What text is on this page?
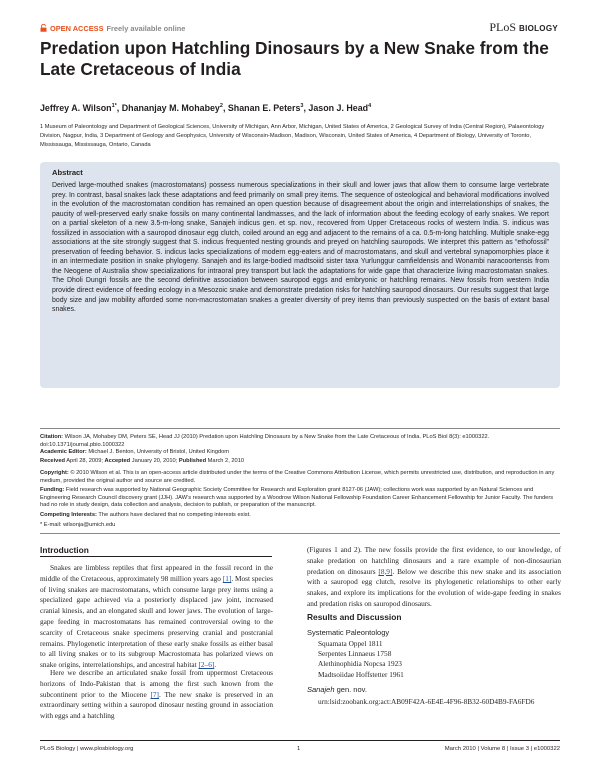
OPEN ACCESS Freely available online	PLoS BIOLOGY
Predation upon Hatchling Dinosaurs by a New Snake from the Late Cretaceous of India
Jeffrey A. Wilson$^{1*}$, Dhananjay M. Mohabey$^2$, Shanan E. Peters$^3$, Jason J. Head$^4$
1 Museum of Paleontology and Department of Geological Sciences, University of Michigan, Ann Arbor, Michigan, United States of America, 2 Geological Survey of India (Central Region), Palaeontology Division, Nagpur, India, 3 Department of Geology and Geophysics, University of Wisconsin-Madison, Madison, Wisconsin, United States of America, 4 Department of Biology, University of Toronto, Mississauga, Mississauga, Ontario, Canada
Abstract
Derived large-mouthed snakes (macrostomatans) possess numerous specializations in their skull and lower jaws that allow them to consume large vertebrate prey. In contrast, basal snakes lack these adaptations and feed primarily on small prey items. The sequence of osteological and behavioral modifications involved in the evolution of the macrostomatan condition has remained an open question because of disagreement about the origin and interrelationships of snakes, the paucity of well-preserved early snake fossils on many continental landmasses, and the lack of information about the feeding ecology of early snakes. We report on a partial skeleton of a new 3.5-m-long snake, Sanajeh indicus gen. et sp. nov., recovered from Upper Cretaceous rocks of western India. S. indicus was fossilized in association with a sauropod dinosaur egg clutch, coiled around an egg and adjacent to the remains of a ca. 0.5-m-long hatchling. Multiple snake-egg associations at the site strongly suggest that S. indicus frequented nesting grounds and preyed on hatchling sauropods. We interpret this pattern as “ethofossil” preservation of feeding behavior. S. indicus lacks specializations of modern egg-eaters and of macrostomatans, and skull and vertebral synapomorphies place it in an intermediate position in snake phylogeny. Sanajeh and its large-bodied madtsoiid sister taxa Yurlunggur camfieldensis and Wonambi naracoortensis from the Neogene of Australia show specializations for intraoral prey transport but lack the adaptations for wide gape that characterize living macrostomatan snakes. The Dholi Dungri fossils are the second definitive association between sauropod eggs and embryonic or hatchling remains. New fossils from western India provide direct evidence of feeding ecology in a Mesozoic snake and demonstrate predation risks for hatchling sauropod dinosaurs. Our results suggest that large body size and jaw mobility afforded some non-macrostomatan snakes a greater diversity of prey items than previously suspected on the basis of extant basal snakes.
Citation: Wilson JA, Mohabey DM, Peters SE, Head JJ (2010) Predation upon Hatchling Dinosaurs by a New Snake from the Late Cretaceous of India. PLoS Biol 8(3): e1000322. doi:10.1371/journal.pbio.1000322
Academic Editor: Michael J. Benton, University of Bristol, United Kingdom
Received April 28, 2009; Accepted January 20, 2010; Published March 2, 2010
Copyright: © 2010 Wilson et al. This is an open-access article distributed under the terms of the Creative Commons Attribution License, which permits unrestricted use, distribution, and reproduction in any medium, provided the original author and source are credited.
Funding: Field research was supported by National Geographic Society Committee for Research and Exploration grant 8127-06 (JAW); collections work was supported by an Natural Sciences and Engineering Research Council discovery grant (JJH). JAW’s research was supported by a Woodrow Wilson National Fellowship Foundation Career Enhancement Fellowship for Junior Faculty. The funders had no role in study design, data collection and analysis, decision to publish, or preparation of the manuscript.
Competing Interests: The authors have declared that no competing interests exist.
* E-mail: wilsonja@umich.edu
Introduction

Snakes are limbless reptiles that first appeared in the fossil record in the middle of the Cretaceous, approximately 98 million years ago [1]. Most species of living snakes are macrostomatans, which consume large prey items using a specialized gape achieved via a posteriorly displaced jaw joint, increased cranial kinesis, and an elongated skull and lower jaws. The evolution of large-gape feeding in macrostomatans has remained controversial owing to the scarcity of Cretaceous snake specimens preserving cranial and postcranial remains. Phylogenetic interpretation of these early snake fossils as either basal to all living snakes or to its subgroup Macrostomata has polarized views on snake origins, interrelationships, and ancestral habitat [2–6].

(Figures 1 and 2). The new fossils provide the first evidence, to our knowledge, of snake predation on hatchling dinosaurs and a rare example of non-dinosaurian predation on dinosaurs [8,9]. Below we describe this new snake and its association with a sauropod egg clutch, resolve its phylogenetic relationships to other early snakes, and explore its implications for the evolution of wide-gape feeding in snakes and predation risks on sauropod dinosaurs.

Here we describe an articulated snake fossil from uppermost Cretaceous horizons of Indo-Pakistan that is among the first such known from the subcontinent prior to the Miocene [7]. The new snake is preserved in an extraordinary setting within a sauropod dinosaur nesting ground in association with eggs and a hatchling

Results and Discussion
Systematic Paleontology
Squamata Oppel 1811
Serpentes Linnaeus 1758
Alethinophidia Nopcsa 1923
Madtsoiidae Hoffstetter 1961
Sanajeh gen. nov.
urn:lsid:zoobank.org:act:AB09F42A-6E4E-4F96-8B32-60D4B9-FA6FD6
PLoS Biology | www.plosbiology.org	1	March 2010 | Volume 8 | Issue 3 | e1000322
